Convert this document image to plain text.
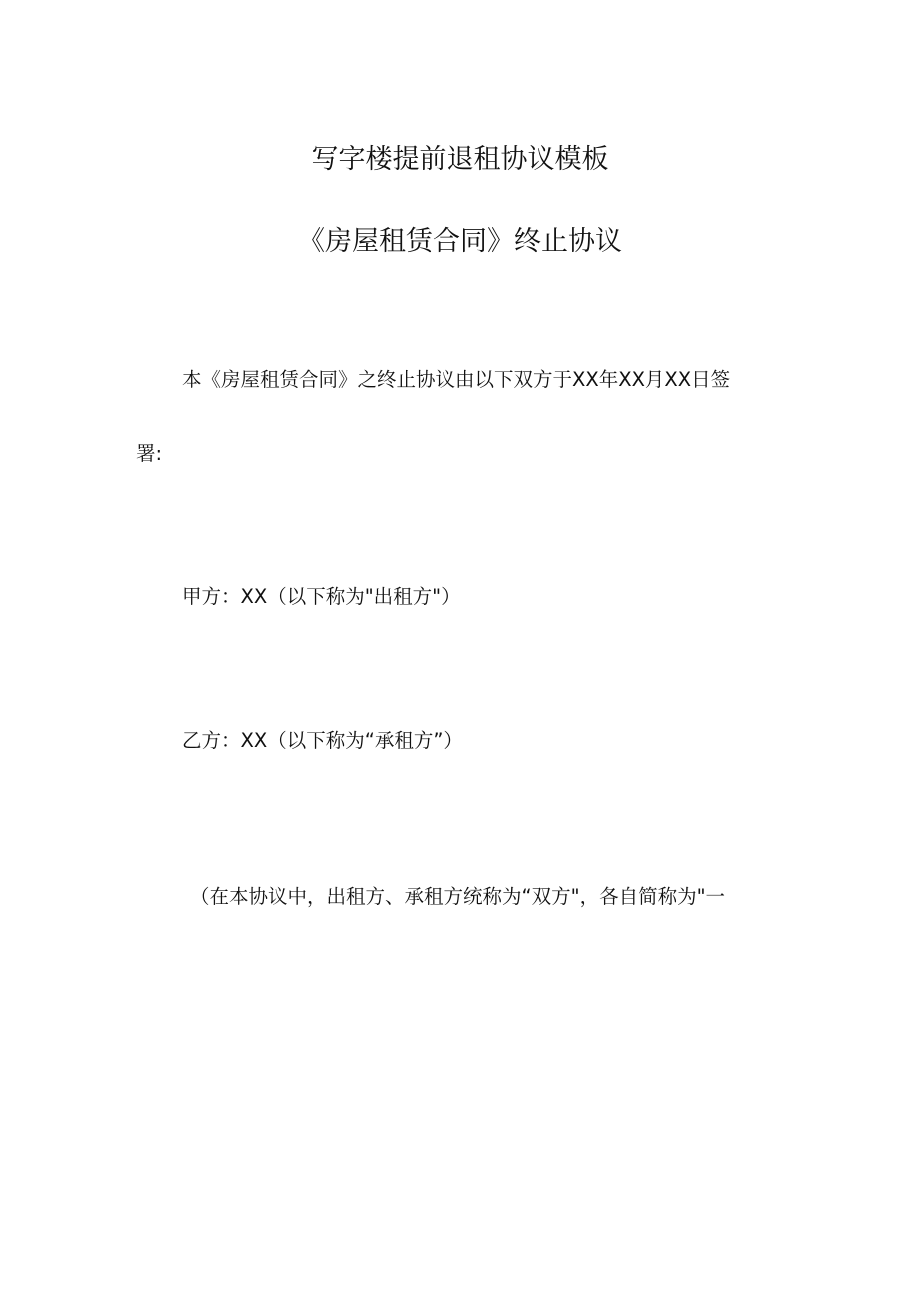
写字楼提前退租协议模板
《房屋租赁合同》终止协议
本《房屋租赁合同》之终止协议由以下双方于XX年XX月XX日签
署:
甲方：XX（以下称为"出租方"）
乙方：XX（以下称为“承租方”）
（在本协议中，出租方、承租方统称为“双方"，各自简称为"一
